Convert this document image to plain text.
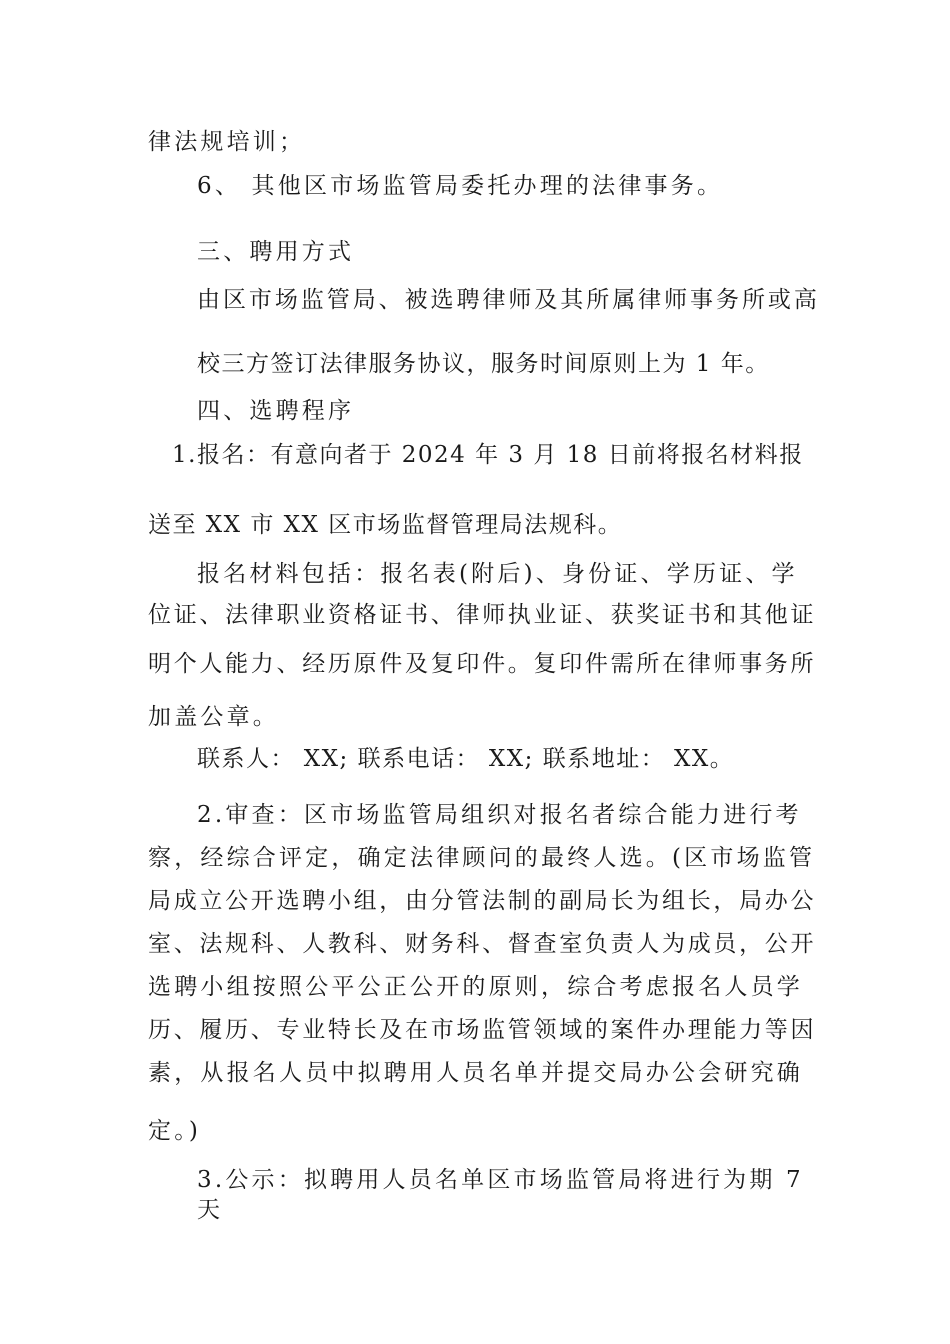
律法规培训；
6、 其他区市场监管局委托办理的法律事务。
三、聘用方式
由区市场监管局、被选聘律师及其所属律师事务所或高
校三方签订法律服务协议，服务时间原则上为 1 年。
四、选聘程序
1.报名：有意向者于 2024 年 3 月 18 日前将报名材料报
送至 XX 市 XX 区市场监督管理局法规科。
报名材料包括：报名表(附后)、身份证、学历证、学
位证、法律职业资格证书、律师执业证、获奖证书和其他证
明个人能力、经历原件及复印件。复印件需所在律师事务所
加盖公章。
联系人： XX; 联系电话： XX; 联系地址： XX。
2.审查：区市场监管局组织对报名者综合能力进行考
察，经综合评定，确定法律顾问的最终人选。(区市场监管
局成立公开选聘小组，由分管法制的副局长为组长，局办公
室、法规科、人教科、财务科、督查室负责人为成员，公开
选聘小组按照公平公正公开的原则，综合考虑报名人员学
历、履历、专业特长及在市场监管领域的案件办理能力等因
素，从报名人员中拟聘用人员名单并提交局办公会研究确
定。)
3.公示：拟聘用人员名单区市场监管局将进行为期 7
天
